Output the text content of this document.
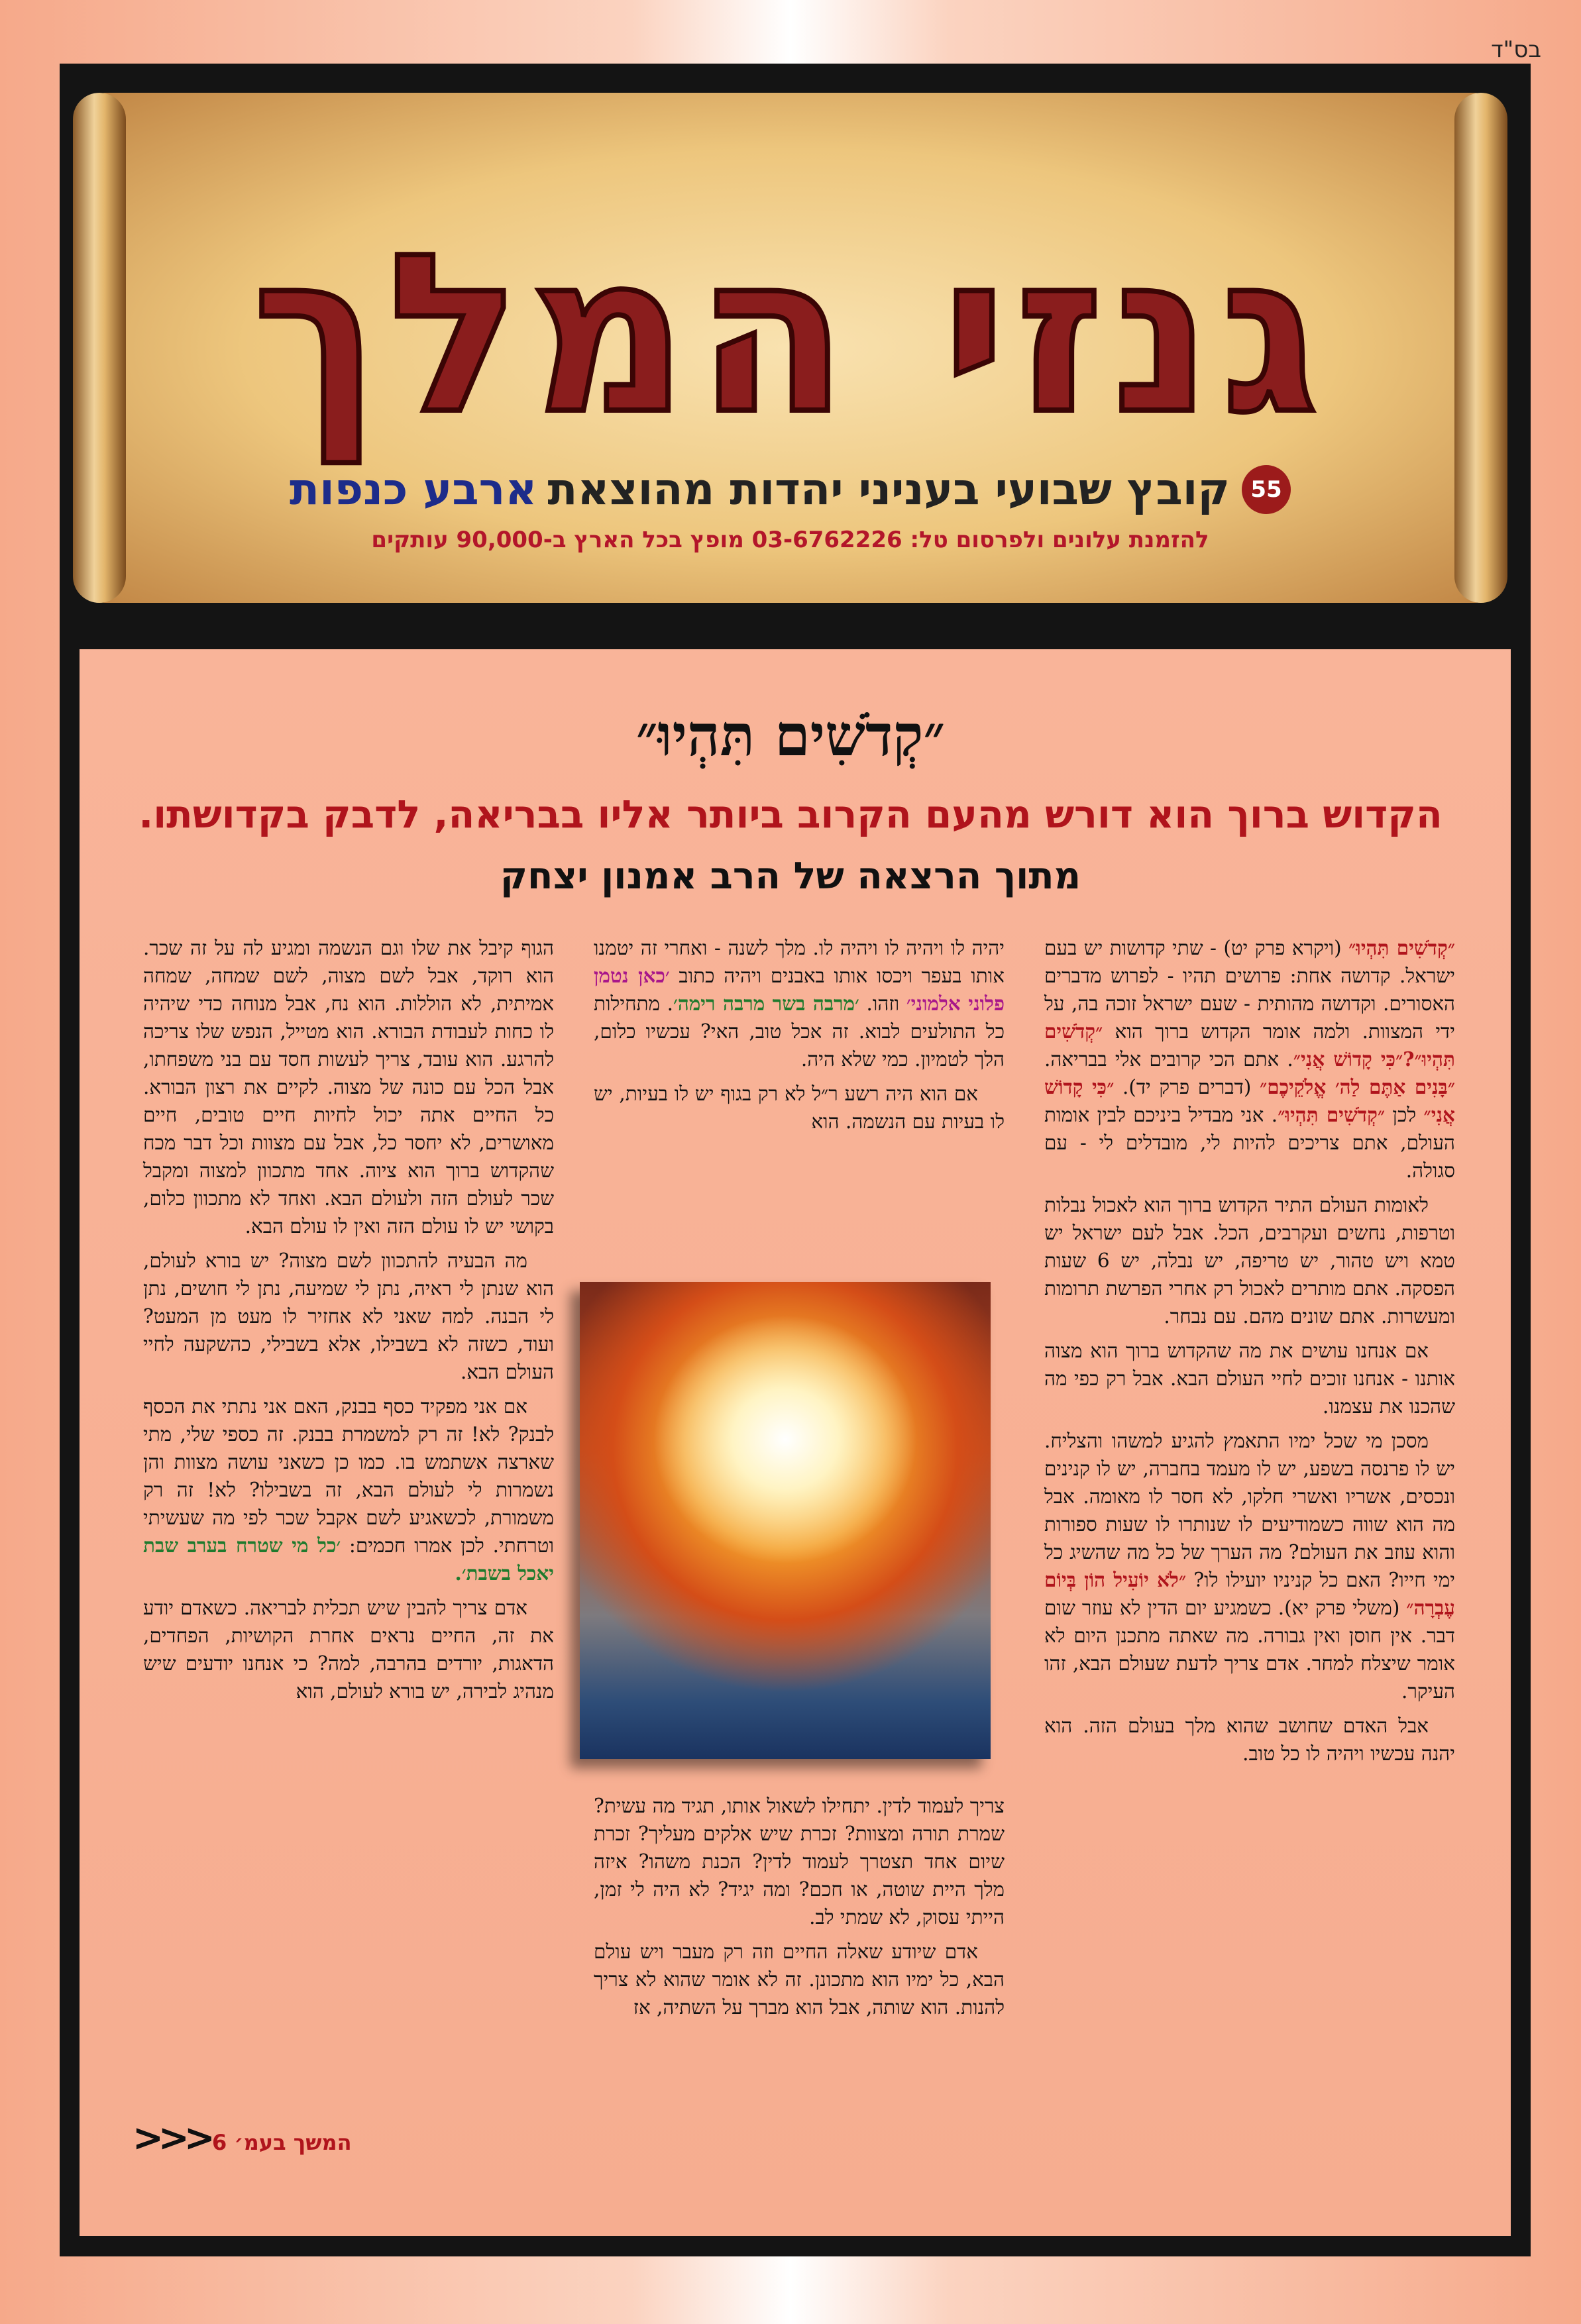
בס"ד
גנזי המלך
55קובץ שבועי בעניני יהדות מהוצאתארבע כנפות
להזמנת עלונים ולפרסום טל: 03-6762226 מופץ בכל הארץ ב-90,000 עותקים
״קְדֹשִׁים תִּהְיוּ״
הקדוש ברוך הוא דורש מהעם הקרוב ביותר אליו בבריאה, לדבק בקדושתו.
מתוך הרצאה של הרב אמנון יצחק

״קְדֹשִׁים תִּהְיוּ״ (ויקרא פרק יט) - שתי קדושות יש בעם ישראל. קדושה אחת: פרושים תהיו - לפרוש מדברים האסורים. וקדושה מהותית - שעם ישראל זוכה בה, על ידי המצוות. ולמה אומר הקדוש ברוך הוא ״קְדֹשִׁים תִּהְיוּ״?״כִּי קָדוֹשׁ אֲנִי״. אתם הכי קרובים אלי בבריאה. ״בָּנִים אַתֶּם לַה׳ אֱלֹקֵיכֶם״ (דברים פרק יד). ״כִּי קָדוֹשׁ אֲנִי״ לכן ״קְדֹשִׁים תִּהְיוּ״. אני מבדיל ביניכם לבין אומות העולם, אתם צריכים להיות לי, מובדלים לי - עם סגולה.

לאומות העולם התיר הקדוש ברוך הוא לאכול נבלות וטרפות, נחשים ועקרבים, הכל. אבל לעם ישראל יש טמא ויש טהור, יש טריפה, יש נבלה, יש 6 שעות הפסקה. אתם מותרים לאכול רק אחרי הפרשת תרומות ומעשרות. אתם שונים מהם. עם נבחר.

אם אנחנו עושים את מה שהקדוש ברוך הוא מצוה אותנו - אנחנו זוכים לחיי העולם הבא. אבל רק כפי מה שהכנו את עצמנו.

מסכן מי שכל ימיו התאמץ להגיע למשהו והצליח. יש לו פרנסה בשפע, יש לו מעמד בחברה, יש לו קנינים ונכסים, אשריו ואשרי חלקו, לא חסר לו מאומה. אבל מה הוא שווה כשמודיעים לו שנותרו לו שעות ספורות והוא עוזב את העולם? מה הערך של כל מה שהשיג כל ימי חייו? האם כל קניניו יועילו לו? ״לֹא יוֹעִיל הוֹן בְּיוֹם עֶבְרָה״ (משלי פרק יא). כשמגיע יום הדין לא עוזר שום דבר. אין חוסן ואין גבורה. מה שאתה מתכנן היום לא אומר שיצלח למחר. אדם צריך לדעת שעולם הבא, זהו העיקר.

אבל האדם שחושב שהוא מלך בעולם הזה. הוא יהנה עכשיו ויהיה לו כל טוב.

יהיה לו ויהיה לו ויהיה לו. מלך לשנה - ואחרי זה יטמנו אותו בעפר ויכסו אותו באבנים ויהיה כתוב ׳כאן נטמן פלוני אלמוני׳ וזהו. ׳מרבה בשר מרבה רימה׳. מתחילות כל התולעים לבוא. זה אכל טוב, האי? עכשיו כלום, הלך לטמיון. כמי שלא היה.

אם הוא היה רשע ר״ל לא רק בגוף יש לו בעיות, יש לו בעיות עם הנשמה. הוא

צריך לעמוד לדין. יתחילו לשאול אותו, תגיד מה עשית? שמרת תורה ומצוות? זכרת שיש אלקים מעליך? זכרת שיום אחד תצטרך לעמוד לדין? הכנת משהו? איזה מלך היית שוטה, או חכם? ומה יגיד? לא היה לי זמן, הייתי עסוק, לא שמתי לב.

אדם שיודע שאלה החיים וזה רק מעבר ויש עולם הבא, כל ימיו הוא מתכונן. זה לא אומר שהוא לא צריך להנות. הוא שותה, אבל הוא מברך על השתיה, אז

הגוף קיבל את שלו וגם הנשמה ומגיע לה על זה שכר. הוא רוקד, אבל לשם מצוה, לשם שמחה, שמחה אמיתית, לא הוללות. הוא נח, אבל מנוחה כדי שיהיה לו כחות לעבודת הבורא. הוא מטייל, הנפש שלו צריכה להרגע. הוא עובד, צריך לעשות חסד עם בני משפחתו, אבל הכל עם כונה של מצוה. לקיים את רצון הבורא. כל החיים אתה יכול לחיות חיים טובים, חיים מאושרים, לא יחסר כל, אבל עם מצוות וכל דבר מכח שהקדוש ברוך הוא ציוה. אחד מתכוון למצוה ומקבל שכר לעולם הזה ולעולם הבא. ואחד לא מתכוון כלום, בקושי יש לו עולם הזה ואין לו עולם הבא.

מה הבעיה להתכוון לשם מצוה? יש בורא לעולם, הוא שנתן לי ראיה, נתן לי שמיעה, נתן לי חושים, נתן לי הבנה. למה שאני לא אחזיר לו מעט מן המעט? ועוד, כשזה לא בשבילו, אלא בשבילי, כהשקעה לחיי העולם הבא.

אם אני מפקיד כסף בבנק, האם אני נתתי את הכסף לבנק? לא! זה רק למשמרת בבנק. זה כספי שלי, מתי שארצה אשתמש בו. כמו כן כשאני עושה מצוות והן נשמרות לי לעולם הבא, זה בשבילו? לא! זה רק משמורת, לכשאגיע לשם אקבל שכר לפי מה שעשיתי וטרחתי. לכן אמרו חכמים: ׳כל מי שטרח בערב שבת יאכל בשבת׳.

אדם צריך להבין שיש תכלית לבריאה. כשאדם יודע את זה, החיים נראים אחרת הקושיות, הפחדים, הדאגות, יורדים בהרבה, למה? כי אנחנו יודעים שיש מנהיג לבירה, יש בורא לעולם, הוא

<<< המשך בעמ׳ 6
